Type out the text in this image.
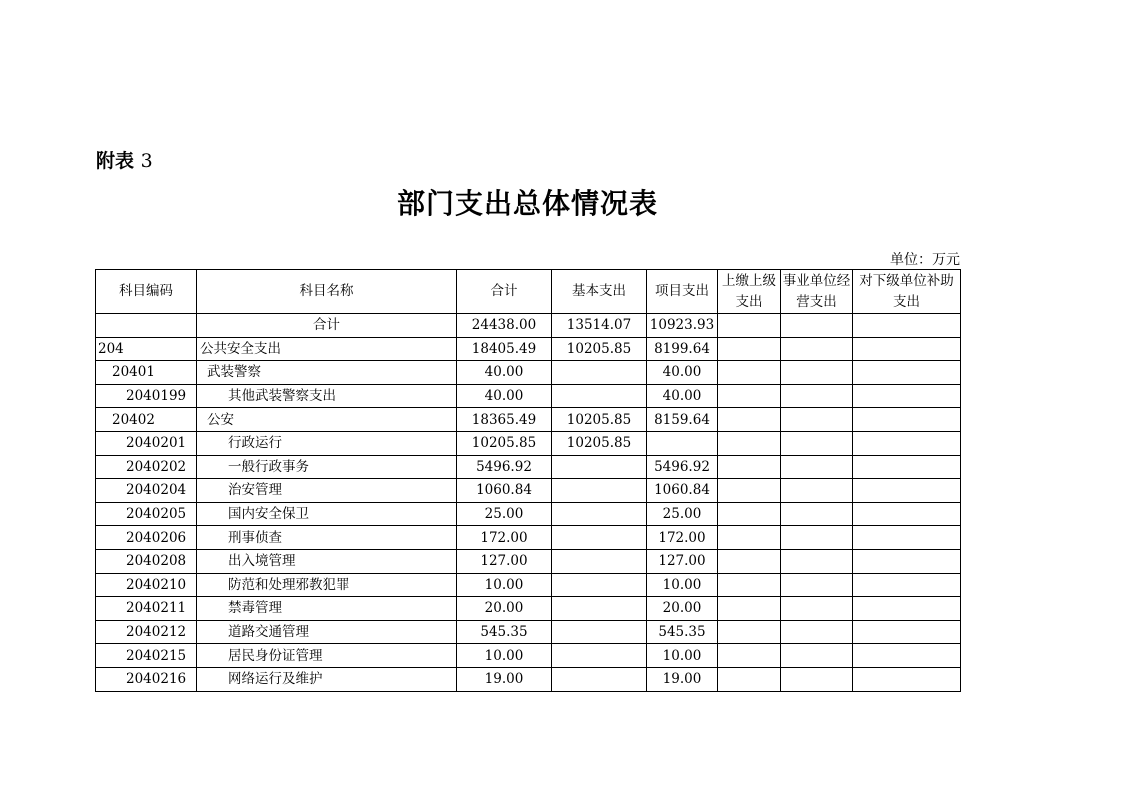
附表 3
部门支出总体情况表
单位：万元
科目编码	科目名称	合计	基本支出	项目支出	上缴上级支出	事业单位经营支出	对下级单位补助支出
	合计	24438.00	13514.07	10923.93			
204	公共安全支出	18405.49	10205.85	8199.64			
20401	武装警察	40.00		40.00			
2040199	其他武装警察支出	40.00		40.00			
20402	公安	18365.49	10205.85	8159.64			
2040201	行政运行	10205.85	10205.85				
2040202	一般行政事务	5496.92		5496.92			
2040204	治安管理	1060.84		1060.84			
2040205	国内安全保卫	25.00		25.00			
2040206	刑事侦查	172.00		172.00			
2040208	出入境管理	127.00		127.00			
2040210	防范和处理邪教犯罪	10.00		10.00			
2040211	禁毒管理	20.00		20.00			
2040212	道路交通管理	545.35		545.35			
2040215	居民身份证管理	10.00		10.00			
2040216	网络运行及维护	19.00		19.00			
